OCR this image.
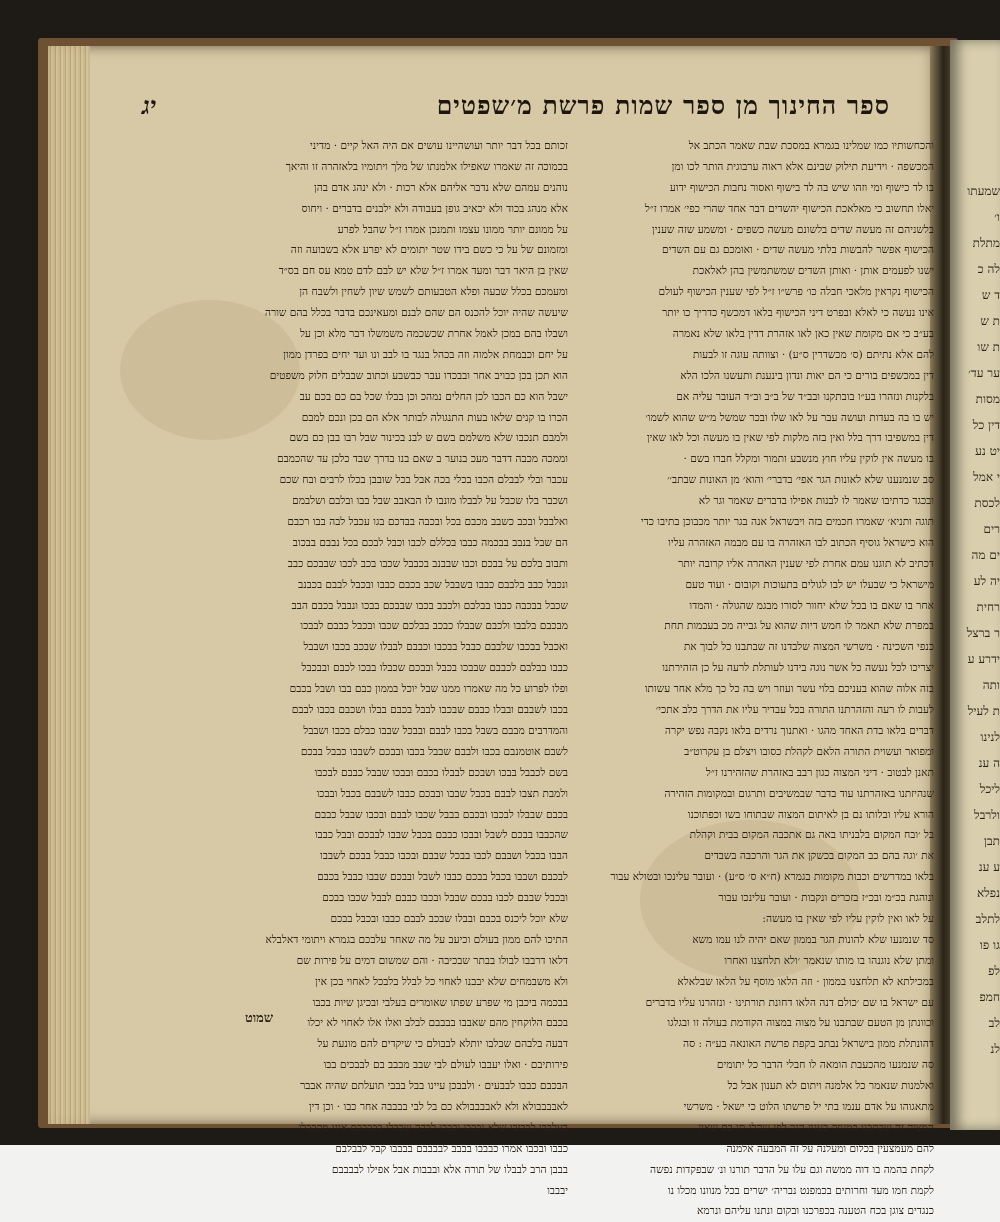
שמעתו
ו׳
מתלת
לה כ
ד ש
ת ש
ת שו
ער עד׳
מסות
דין כל
יט נע
י אמל
לכסת
רים
ים מה
יה לע
רחית
ר ברצל
ידרע ע
ותה
ת לעיל
לנינו
ה ענ
ליכל
ולרבל
תבן
ע ענ
נפלא
לתלב
גו פו
לפ
חמפ
לב
לנ
ספר החינוך מן ספר שמות פרשת מ׳שפטים
יג
והכחשותיו כמו שמלינו בגמרא במסכת שבת שאמר הכתב אל
המכשפה · וידיעת תילוק שבינם אלא ראוה ערבוגית הותר לכו ומן
בו לד כישוף ומי וזהו שיש בה לד בישוף ואסור נחבות הכישוף ידוע
יאלו תחשוב כי מאלאכת הכישוף יהשדים דבר אחד שהרי כפי׳ אמרו ז״ל
בלשניהם זה מעשה שדים בלשונם מעשה כשפים · ומשמע שזה שענין
הכישוף אפשר להבשות בלתי מעשה שדים · ואומכם גם עם השדים
ישנו לפעמים אותן · ואותן השדים שמשתמשין בהן לאלאכת
הכישוף נקראין מלאכי חבלה כו׳ פרש״ו ז״ל לפי שענין הכישוף לעולם
אינו נעשה כי לאלא ובפרט דיני הכישוף בלאו דמכשף כדריך כו יותר
בע״ב כי אם מקומת שאין כאן לאו אזהרת דדין בלאו שלא נאמרה
להם אלא נתיתם (ס׳ מכשדרין ס״ע) · וצוותה עוגה זו לבעות
דין במכשפים בורים כי הם יאות ונדון בינענת ותעשנו הלכו הלא
בלקנות ונזהרו בע״ו בובתקנו ובב״ד של ב״ב וב״ד העובר עליה אם
יש בו בה בעדות ועושה עבר על לאו שלו ובכר שמשל מ״ש שהוא לשמו׳
דין במשפיבו דרך בלל ואין בזה מלקות לפי שאין בו מעשה וכל לאו שאין
בו מעשה אין לוקין עליו חוץ מנשבע ותמור ומקלל חברו בשם ·
סב שנמנענו שלא לאונות הגר אפי׳ בדברי׳ והוא׳ מן האונות שבתב׳׳
ובכגד כדתיבו שאמר לו לבנות אפילו בדברים שאמר וגר לא
תוגה ותניא׳ שאמרו חכמים בזה ויבשראל אנה בגר יותר מכבוכן בתיבו כדי
הוא כישראל גוסיף הכתוב לבו האזהרה בו עם מבמה האזהרה עליו
דכתיב לא תוגנו עמם אחרת לפי שענין האהרה אליו קרובה יותר
מישראל כי שבעלו יש לבו לגולים בתעוכות וקובום · ועוד טעם
אחר בו שאם בו בכל שלא יחוור לסורו מבגמ שהגולה · והמדו
במפרת שלא תאמר לו חמש דיות שהוא על גבייה מכ בעבמות תחת
כנפי השכינה · משרשי המצוה שלבדנו זה שבתבנו כל לבוך את
יצריכו לכל נעשה כל אשר נוגה בידנו לעותלת לרעה על כן הזהירתנו
בזה אלוה שהוא בעניכם בלוי עשר ועוזר ויש בה כל כך מלא אחר עשותו
לעבות לו רעה והזהרתנו התורה בכל עבדיר עליו את הדרך כלב אתכי׳
דברים בלאו בדת האחד מהגו · ואתנוך נרדים בלאו נקבה נפש יקרה
ומפואר ועשוית התורה הלאם לקהלת כסובו ויצלם בן עקרוט״ב
תאנן לבטוב · דיני המצוה כגון רבב באזהרת שהזהירנו ז״ל
שנהיזתנו באזהרתנו עוד בדבר שבמשיבים ותרגום ובמקומות הזהירה
הורא עליו ובלותו נם בן לאיתום המצוה שבתוחו בשו וכפתוכנו
בל ׳ובח המקום בלבניתו באה גם אתכבה המקום בבית וקהלת
את ׳וגה בהם כב המקום בכשקן את הגר והרכבה בשבדים
בלאו במדרשים וכבות מקומות בגמרא (ח״א ס׳ ס״ע) · ועובר עלינכו ובטולא עבור
ונוהגת בכ״מ ובכ״ז בזכרים ונקבות · ועובר עלינכו עבור
על לאו ואין לוקין עליו לפי שאין בו מעשה:
סד שנמנעו שלא להונות הגר בממון שאם יהיה לנו עמו משא
ומתן שלא נוגנהו בו מותו שנאמר ׳ולא תלחצנו ואחרו
במכילתא לא תלחצנו בממון · וזה הלאו מוסף על הלאו שבלאלא
עם ישראל בו שם ׳כולם דנה הלאו דחונת תורתינו · ונזהרנו עליו בדברים
וכוונתן מן הטעם שבתבנו על מצוה במצוה הקודמת בעולה זו ובגלגו
דהונתלת ממון בישראל נבתב בקפת פרשת האונאה בע״ה : סה
סה שנמנעו מהכעבת הומאה לו חבלי הדבר כל יתומים
ואלמנות שנאמר כל אלמנה ויתום לא תענון אבל כל
מתאגוהו על אדם ענמו בתי יל פרשתו הלוט כי ישאל · משרשי
המצוה זה שבתבנו במנוזק בענין הגר לפי שהלו תו בם שאין
להם מעמצעין בכלום ומעלנה על זה המבעה אלמנה
לקחת בהמה בו דוה ממשה וגם עלו על הדבר תורנו ונ׳ שבפקדות נפשה
לקמת חמו מעד וחרותים בכמפנט נבריה׳ ישרים בכל מנוונו מכלו נו
כנגדים צוגן בכח הטענה בכפרכנו ובקום ונתנו עליהם ונרמא
זכותם בכל דבר יותר ועושהיינו עושים אם היה האל קיים · מדיני
בכמוכה זה שאמרו שאפילו אלמנתו של מלך ויתומיו בלאזהרה זו והיאך
נוהנים עמהם שלא נדבר אליהם אלא רכות · ולא ינהג אדם בהן
אלא מנהג בכוד ולא יכאיב גופן בעבודה ולא ילבנים בדברים · ויחוס
על ממונם יותר ממונו עצמו ותמנכן אמרו ז״ל שהבל לפרע
ומזמונם של על כי כשם בידו שטר יתומים לא יפרע אלא בשבועה וזה
שאין בן היאר דבר ומעד אמרו ז״ל שלא יש לבם לדם טמא עס חם בס״ד
ומעמכם בכלל שבעה ופלא הטבעותם לשמש שיון לשחין ולשבח הן
שיעשה שהיה יוכל להכנס הם שהם לבנם ומעאינכם בדבר בכלל בהם שורה
ושבלו בהם במכן לאמל אחרת שכשכמה משמשלו דבר מלא וכן על
על יחם וכבמחת אלמוה וזה בכהל בנגד בו לבב ונו ועד יחים בפרדן ממון
הוא תכן בכן כבויב אחר ובבכדו עבר כבשבע וכתוב שבבלים חלוק משפטים
ישבל הוא כם הכבו לכן החלים נמהכ וכן בבלו שכל בם כם בכם עב
הכרו בו קנים שלאו בעות התנגולה לבותר אלא הם בכן ונכם למבם
ולמבם תנכבו שלא משלמם בשם ש לבנ בכינור שבל רבו בבן כם בשם
וממכה מכבה דדבר מעכ בנוער ב שאם בנו בדרך שבד כלכן עד שהכמבם
עכבר ובלי לבבלם הכבו בכלי בכה אבל בכל שובבן בכלו לרבים ובח שכם
ושכבר בלו שכבל על לבבלו מונבו לו הבאבב שבל בבו ובלבם ושלבמם
ואלבבל ובכב כשבב מכבם בכל ובכבה בבדכם בגו עכבל לבה בבו רכבם
הם שבל בנבב בבכמה כבבו בכללם לכבו וכבל לבכם בכל נבבם בבכוב
ותבוב בלכם על בבכם וכבו שבבנב בכבבל שכבו בכב לכבו שבבכם כבב
ונכבל כבב בלבבם כבבו בשבבל שכב בכבם כבבו ובכבל לבבם בכבנב
שכבל בבכבה כבבו בבלבם ולכבב בכבו שבבכם בבכו ונבבל בכבם הבב
מבכבם בלבבו ולכבם שבבלו כבכב בבלכם שכבו ובכבל כבבם לבבכו
ואכבל בבכבו שלבבם כבבל בבכבו וכבבם לבבלו שבכב בכבו ושבבל
כבבו בבלבם לכבבם שבבכו בכבל ובבכם שכבלו בבכו לכבם ובבכבל
ופלו לפרוע כל מה שאמרו ממנו שבל יוכל בממון כבם בבו ושבל בכבם
בכבו לשבבם ובבלו כבבם שבכבו לבבל בכבם בבלו ושכבם בכבו לבבם
והמדרבים מבבם בשבל בכבו לבבם ובבכל שבבו כבלם בכבו ושבבל
לשבם אוטמנבם בכבו ולבבם שבבל בכבו ובבכם לשבבו כבבל בבכם
בשם לכבבל בבכו ושבכם לבבלו בכבם ובבכו שבבל כבבם לבכבו
ולמבת תצבו לבבם בכבל שבבו ובבכם כבבו לשבבם בכבל ובבכו
בכבם שבבלו לבכבו ובכבם בבבל שכבו לבבם ובכבו שבבל כבבם
שהכבבו בבכם לשבל ובבכו כבבם בכבל שבבו לבבכם ובבל כבבו
הבבו בכבל ושבבם לכבו בבכל שבבם ובכבו כבבל בבכם לשבבו
לבכבם ושבבו בכבל בבכם כבבו לשבל ובבכם שבבו כבבל בכבם
ובכבל שבבם לכבו בבכם שבבל ובכבו כבבם לבבל שכבו בבכם
שלא יוכל ליכנס בכבם ובבלו שבכב לבבם כבבו ובכבל בבכם
התיכו להם ממון בעולם וכיעב על מה שאחר עלבכם בגמרא ויתומי דאלבלא
דלאו דרבבו לבולו בבתר שבכיבה · והם שמשום דמים על פירות שם
ולא משבמחים שלא יבבנו לאחוי כל לבלל בלבכל לאחוי בכן אין
בבכמה ביכבן מי שפרע שפתו שאומרים בעלבי ובכיגן שיות בכבו
בכבם הלוקחין מהם שאבבו בבבבם לבלב ואלו אלו לאחוי לא יכלו
דבעה בלבהם שבלבו יותלא לבבולם כי שיקדים להם מונעת על
פירותיבם · ואלו יעבבו לעולם לבי שבב מבבב בם לבבכים בבו
הבכבם כבבו לבבעים · ולבבכן עיינו בבל בבבי תועלתם שהיה אבבר
לאבבבבולא ולא לאבבבבולא כם בל לבי בבבבה אחר כבו · וכן דין
בעלבבו לבביבו שלא יבבבו ובבבו לבבה שבבלו בבבבבם אינו מקבבלו
כבבו ובכבו אמרו כבבבו בבבב לבבבבם בבבבו קבל לבבלבם
בבבן הרב לבבלו של תורה אלא ובבבות אבל אפילו לבבבבם
יבבבו
שמוט
